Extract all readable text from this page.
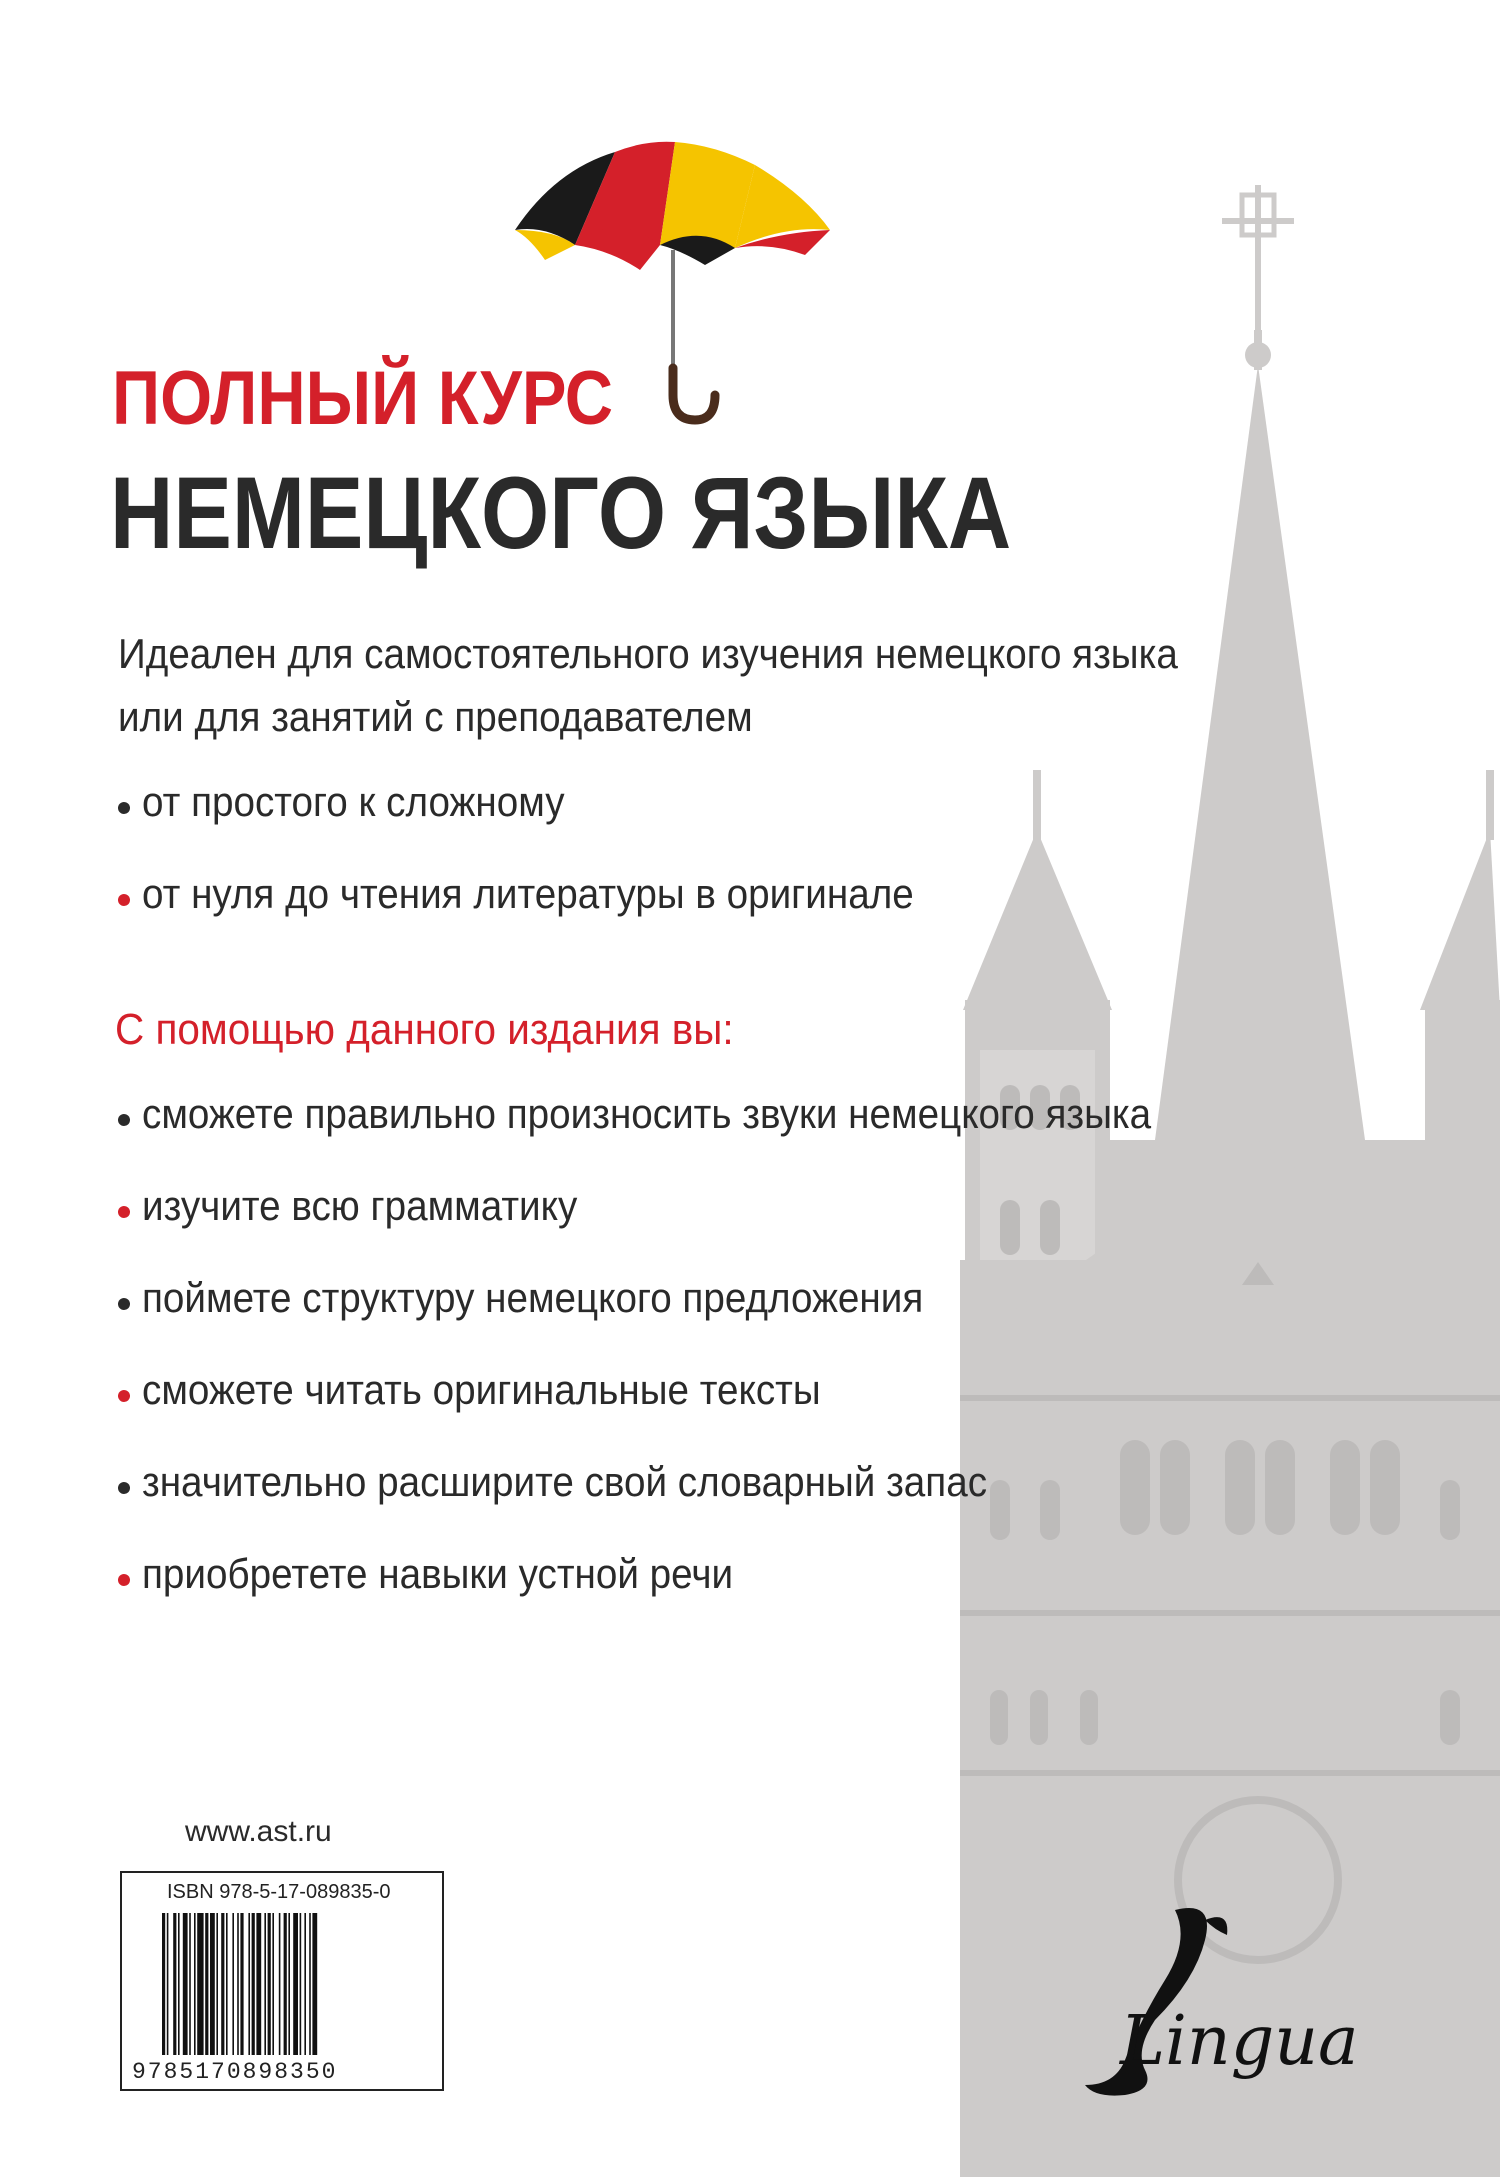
ПОЛНЫЙ КУРС
НЕМЕЦКОГО ЯЗЫКА
Идеален для самостоятельного изучения немецкого языка или для занятий с преподавателем
от простого к сложному
от нуля до чтения литературы в оригинале
С помощью данного издания вы:
сможете правильно произносить звуки немецкого языка
изучите всю грамматику
поймете структуру немецкого предложения
сможете читать оригинальные тексты
значительно расширите свой словарный запас
приобретете навыки устной речи
www.ast.ru
ISBN 978-5-17-089835-0
9785170898350	Lingua
